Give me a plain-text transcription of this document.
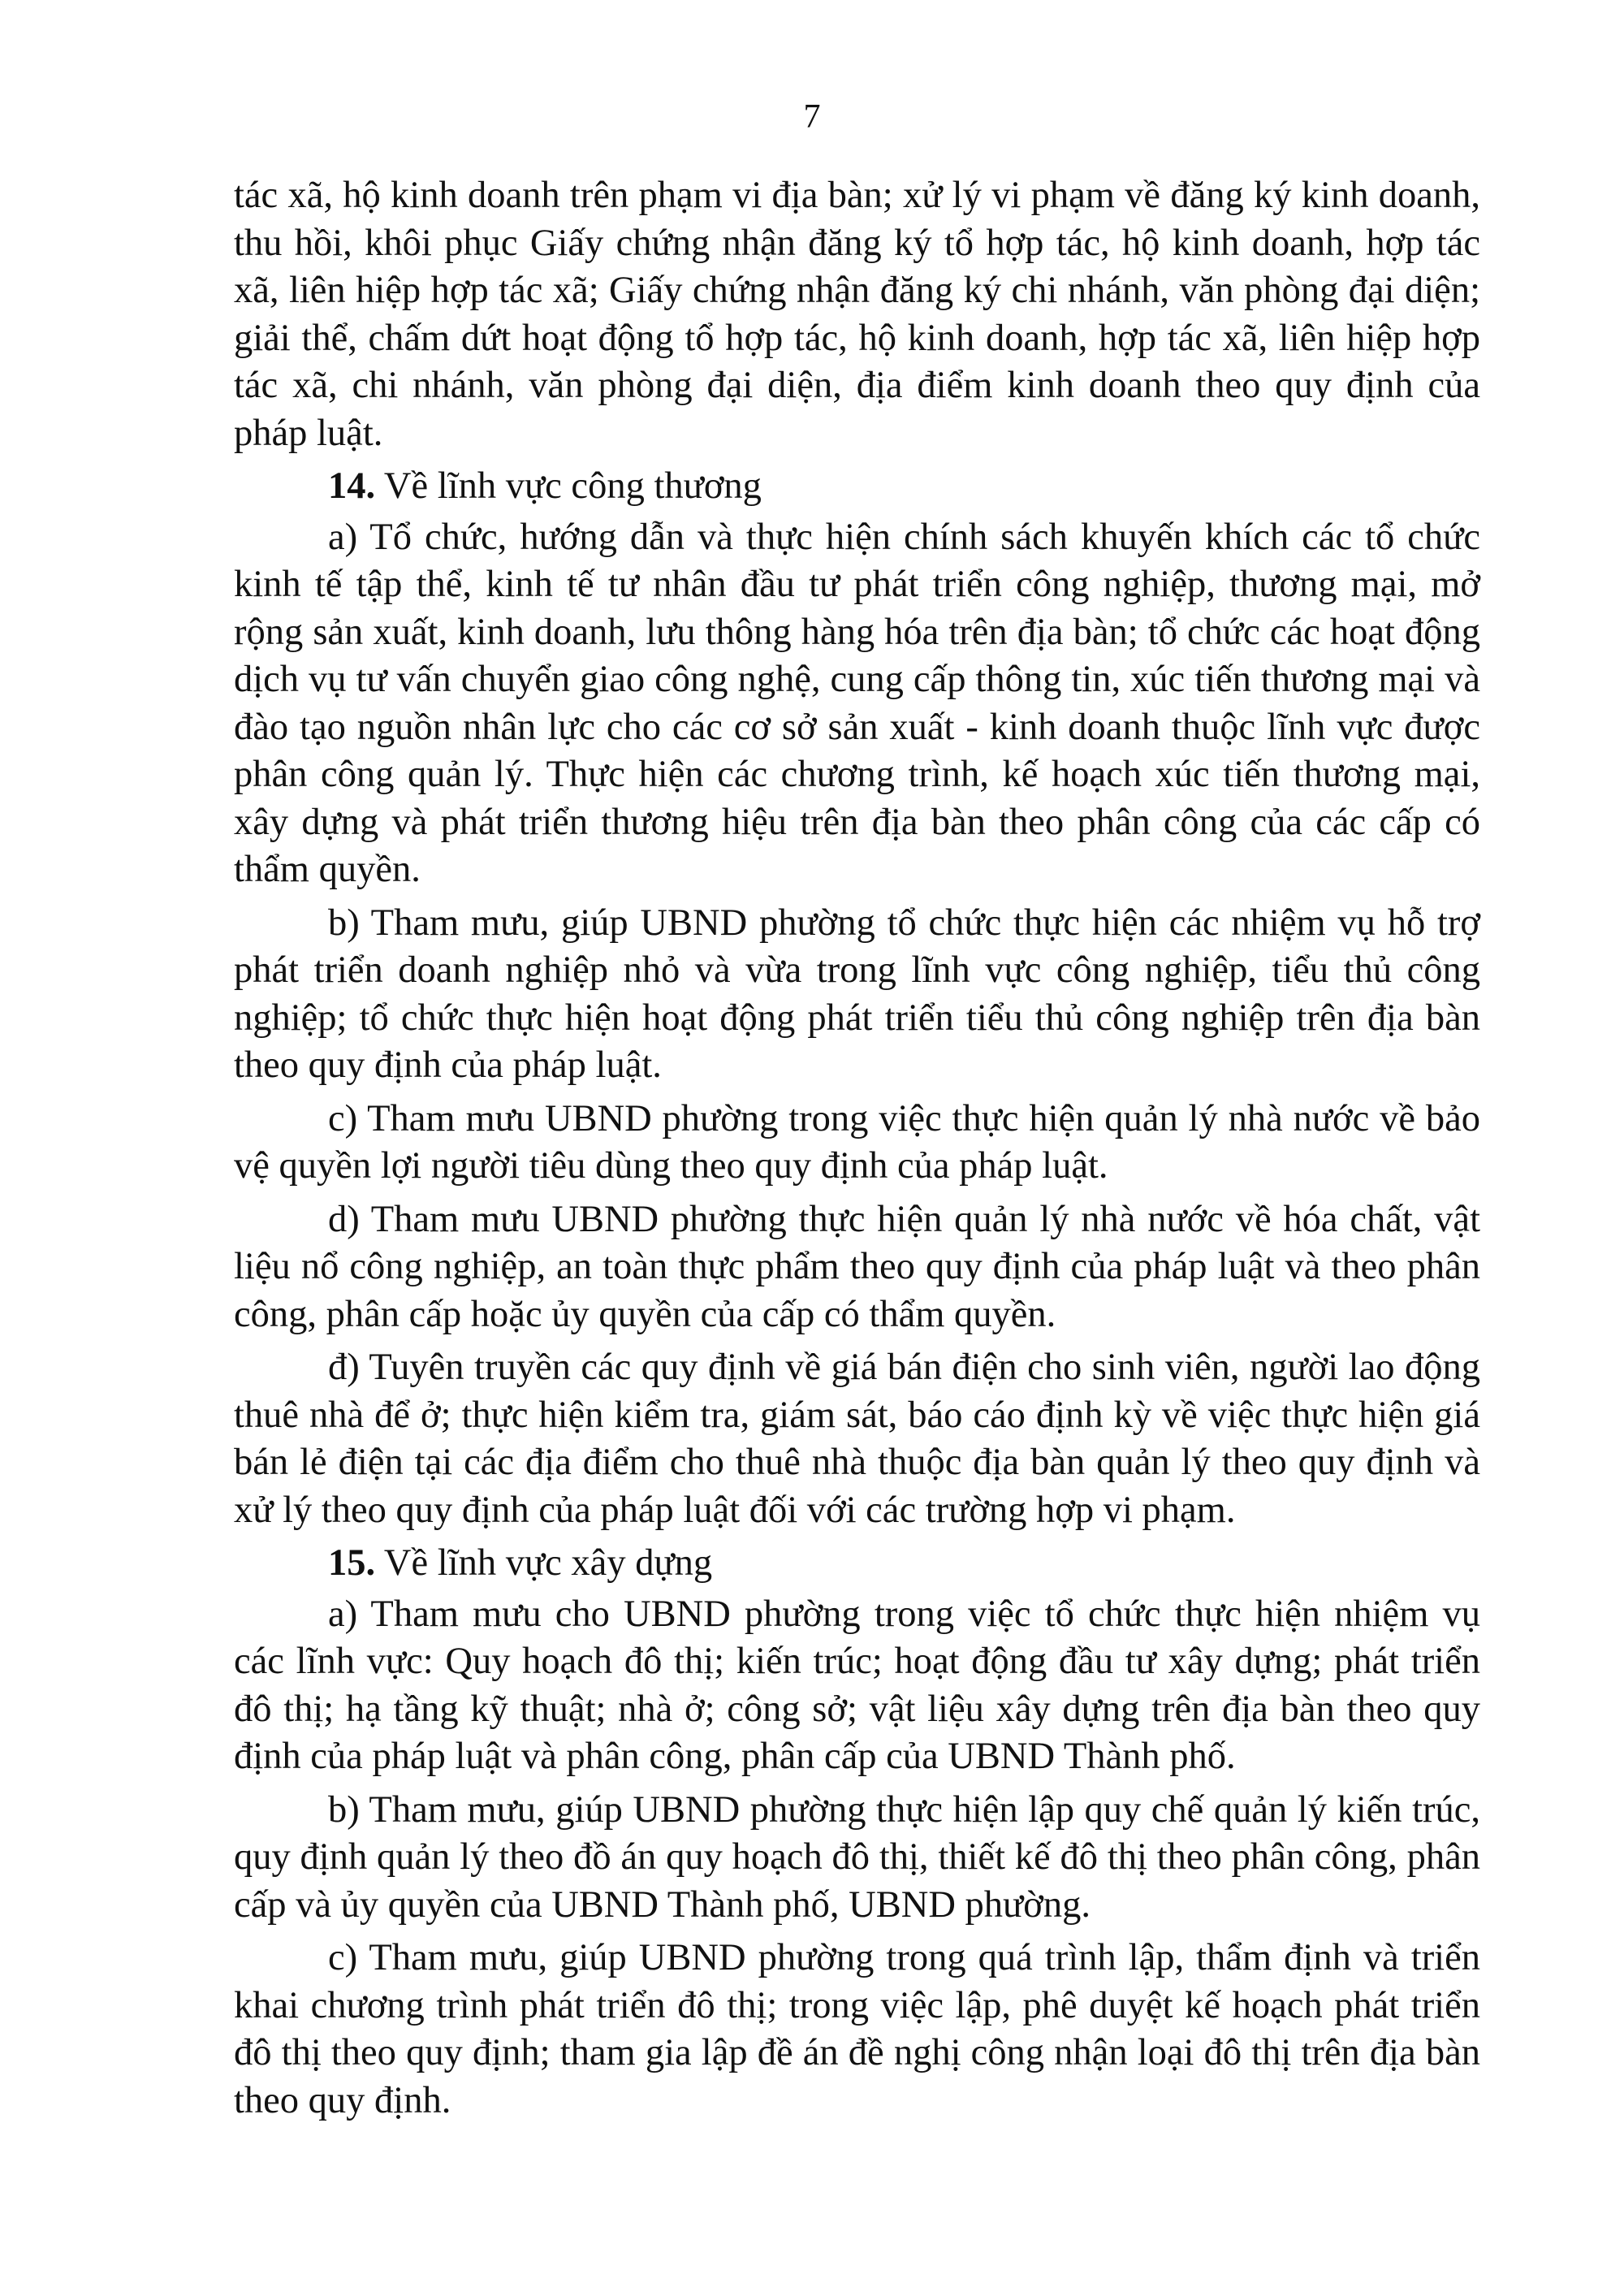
7

tác xã, hộ kinh doanh trên phạm vi địa bàn; xử lý vi phạm về đăng ký kinh doanh, thu hồi, khôi phục Giấy chứng nhận đăng ký tổ hợp tác, hộ kinh doanh, hợp tác xã, liên hiệp hợp tác xã; Giấy chứng nhận đăng ký chi nhánh, văn phòng đại diện; giải thể, chấm dứt hoạt động tổ hợp tác, hộ kinh doanh, hợp tác xã, liên hiệp hợp tác xã, chi nhánh, văn phòng đại diện, địa điểm kinh doanh theo quy định của pháp luật.

14. Về lĩnh vực công thương

a) Tổ chức, hướng dẫn và thực hiện chính sách khuyến khích các tổ chức kinh tế tập thể, kinh tế tư nhân đầu tư phát triển công nghiệp, thương mại, mở rộng sản xuất, kinh doanh, lưu thông hàng hóa trên địa bàn; tổ chức các hoạt động dịch vụ tư vấn chuyển giao công nghệ, cung cấp thông tin, xúc tiến thương mại và đào tạo nguồn nhân lực cho các cơ sở sản xuất - kinh doanh thuộc lĩnh vực được phân công quản lý. Thực hiện các chương trình, kế hoạch xúc tiến thương mại, xây dựng và phát triển thương hiệu trên địa bàn theo phân công của các cấp có thẩm quyền.

b) Tham mưu, giúp UBND phường tổ chức thực hiện các nhiệm vụ hỗ trợ phát triển doanh nghiệp nhỏ và vừa trong lĩnh vực công nghiệp, tiểu thủ công nghiệp; tổ chức thực hiện hoạt động phát triển tiểu thủ công nghiệp trên địa bàn theo quy định của pháp luật.

c) Tham mưu UBND phường trong việc thực hiện quản lý nhà nước về bảo vệ quyền lợi người tiêu dùng theo quy định của pháp luật.

d) Tham mưu UBND phường thực hiện quản lý nhà nước về hóa chất, vật liệu nổ công nghiệp, an toàn thực phẩm theo quy định của pháp luật và theo phân công, phân cấp hoặc ủy quyền của cấp có thẩm quyền.

đ) Tuyên truyền các quy định về giá bán điện cho sinh viên, người lao động thuê nhà để ở; thực hiện kiểm tra, giám sát, báo cáo định kỳ về việc thực hiện giá bán lẻ điện tại các địa điểm cho thuê nhà thuộc địa bàn quản lý theo quy định và xử lý theo quy định của pháp luật đối với các trường hợp vi phạm.

15. Về lĩnh vực xây dựng

a) Tham mưu cho UBND phường trong việc tổ chức thực hiện nhiệm vụ các lĩnh vực: Quy hoạch đô thị; kiến trúc; hoạt động đầu tư xây dựng; phát triển đô thị; hạ tầng kỹ thuật; nhà ở; công sở; vật liệu xây dựng trên địa bàn theo quy định của pháp luật và phân công, phân cấp của UBND Thành phố.

b) Tham mưu, giúp UBND phường thực hiện lập quy chế quản lý kiến trúc, quy định quản lý theo đồ án quy hoạch đô thị, thiết kế đô thị theo phân công, phân cấp và ủy quyền của UBND Thành phố, UBND phường.

c) Tham mưu, giúp UBND phường trong quá trình lập, thẩm định và triển khai chương trình phát triển đô thị; trong việc lập, phê duyệt kế hoạch phát triển đô thị theo quy định; tham gia lập đề án đề nghị công nhận loại đô thị trên địa bàn theo quy định.
